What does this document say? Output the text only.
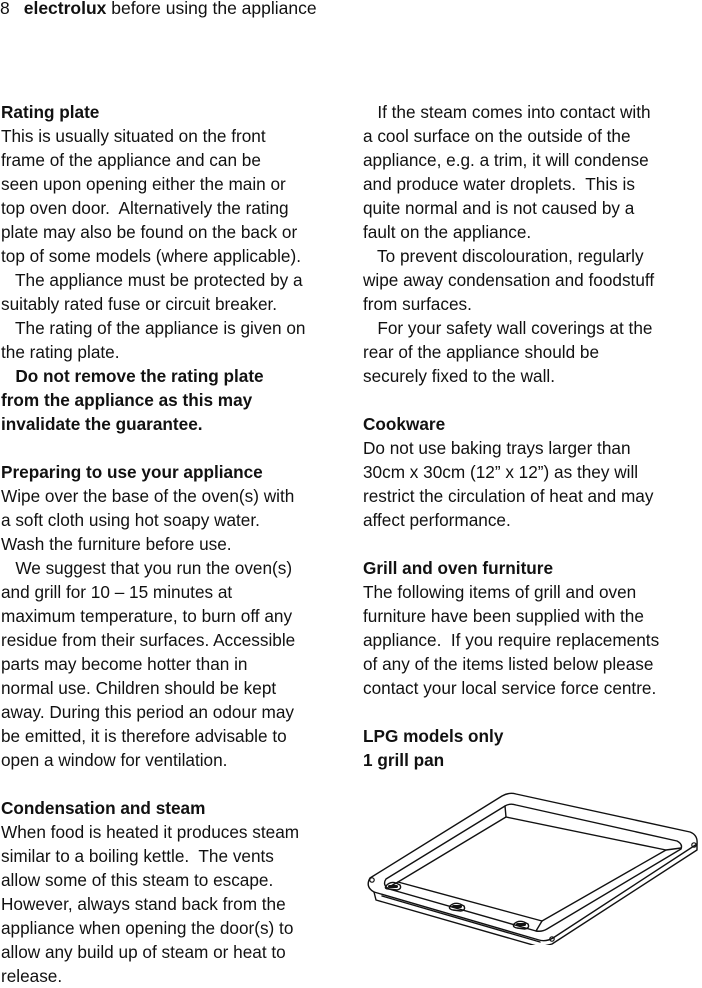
8 electrolux before using the appliance

Rating plate

This is usually situated on the front

frame of the appliance and can be

seen upon opening either the main or

top oven door.  Alternatively the rating

plate may also be found on the back or

top of some models (where applicable).

The appliance must be protected by a

suitably rated fuse or circuit breaker.

The rating of the appliance is given on

the rating plate.

Do not remove the rating plate

from the appliance as this may

invalidate the guarantee.

Preparing to use your appliance

Wipe over the base of the oven(s) with

a soft cloth using hot soapy water.

Wash the furniture before use.

We suggest that you run the oven(s)

and grill for 10 – 15 minutes at

maximum temperature, to burn off any

residue from their surfaces. Accessible

parts may become hotter than in

normal use. Children should be kept

away. During this period an odour may

be emitted, it is therefore advisable to

open a window for ventilation.

Condensation and steam

When food is heated it produces steam

similar to a boiling kettle.  The vents

allow some of this steam to escape.

However, always stand back from the

appliance when opening the door(s) to

allow any build up of steam or heat to

release.

If the steam comes into contact with

a cool surface on the outside of the

appliance, e.g. a trim, it will condense

and produce water droplets.  This is

quite normal and is not caused by a

fault on the appliance.

To prevent discolouration, regularly

wipe away condensation and foodstuff

from surfaces.

For your safety wall coverings at the

rear of the appliance should be

securely fixed to the wall.

Cookware

Do not use baking trays larger than

30cm x 30cm (12” x 12”) as they will

restrict the circulation of heat and may

affect performance.

Grill and oven furniture

The following items of grill and oven

furniture have been supplied with the

appliance.  If you require replacements

of any of the items listed below please

contact your local service force centre.

LPG models only

1 grill pan
